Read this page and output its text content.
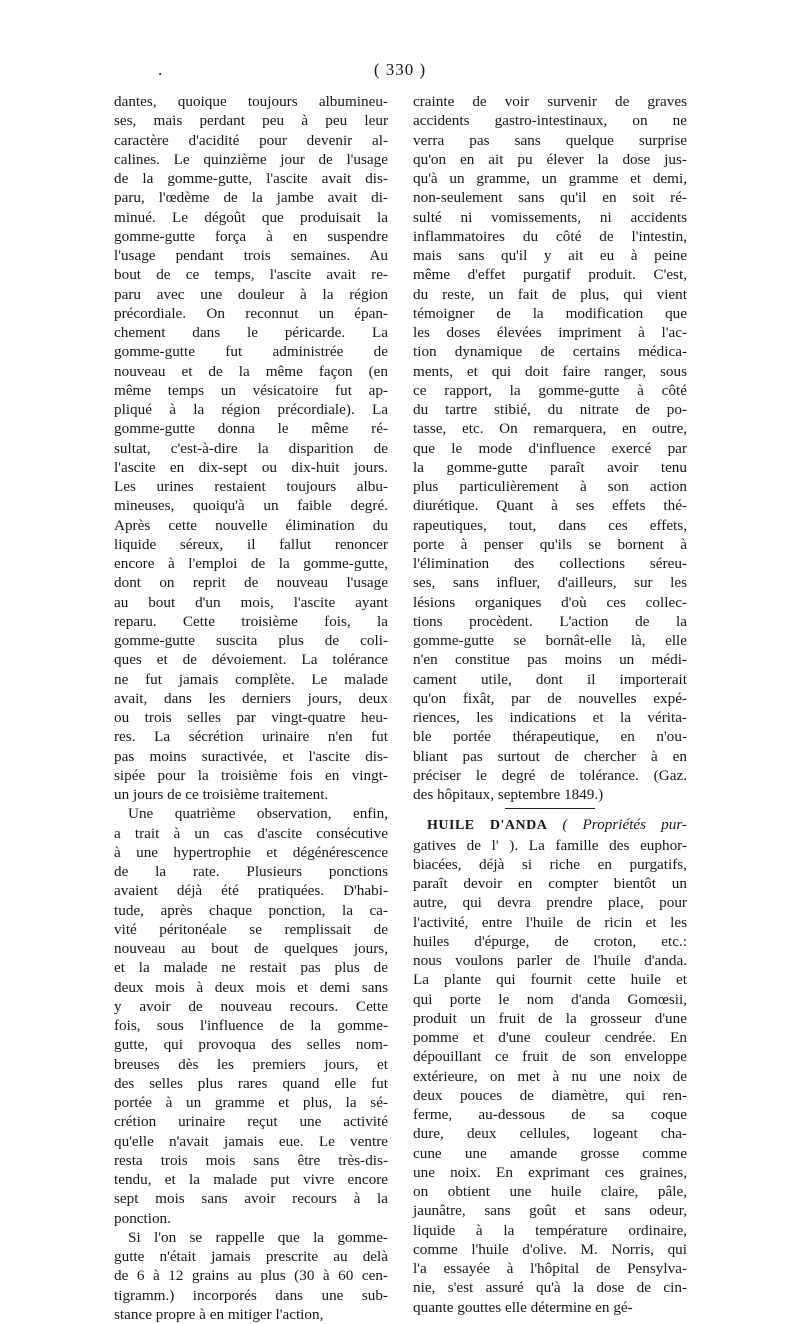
.	( 330 )
dantes, quoique toujours albumineu-
ses, mais perdant peu à peu leur
caractère d'acidité pour devenir al-
calines. Le quinzième jour de l'usage
de la gomme-gutte, l'ascite avait dis-
paru, l'œdème de la jambe avait di-
minué. Le dégoût que produisait la
gomme-gutte força à en suspendre
l'usage pendant trois semaines. Au
bout de ce temps, l'ascite avait re-
paru avec une douleur à la région
précordiale. On reconnut un épan-
chement dans le péricarde. La
gomme-gutte fut administrée de
nouveau et de la même façon (en
même temps un vésicatoire fut ap-
pliqué à la région précordiale). La
gomme-gutte donna le même ré-
sultat, c'est-à-dire la disparition de
l'ascite en dix-sept ou dix-huit jours.
Les urines restaient toujours albu-
mineuses, quoiqu'à un faible degré.
Après cette nouvelle élimination du
liquide séreux, il fallut renoncer
encore à l'emploi de la gomme-gutte,
dont on reprit de nouveau l'usage
au bout d'un mois, l'ascite ayant
reparu. Cette troisième fois, la
gomme-gutte suscita plus de coli-
ques et de dévoiement. La tolérance
ne fut jamais complète. Le malade
avait, dans les derniers jours, deux
ou trois selles par vingt-quatre heu-
res. La sécrétion urinaire n'en fut
pas moins suractivée, et l'ascite dis-
sipée pour la troisième fois en vingt-
un jours de ce troisième traitement.
Une quatrième observation, enfin,
a trait à un cas d'ascite consécutive
à une hypertrophie et dégénérescence
de la rate. Plusieurs ponctions
avaient déjà été pratiquées. D'habi-
tude, après chaque ponction, la ca-
vité péritonéale se remplissait de
nouveau au bout de quelques jours,
et la malade ne restait pas plus de
deux mois à deux mois et demi sans
y avoir de nouveau recours. Cette
fois, sous l'influence de la gomme-
gutte, qui provoqua des selles nom-
breuses dès les premiers jours, et
des selles plus rares quand elle fut
portée à un gramme et plus, la sé-
crétion urinaire reçut une activité
qu'elle n'avait jamais eue. Le ventre
resta trois mois sans être très-dis-
tendu, et la malade put vivre encore
sept mois sans avoir recours à la
ponction.
Si l'on se rappelle que la gomme-
gutte n'était jamais prescrite au delà
de 6 à 12 grains au plus (30 à 60 cen-
tigramm.) incorporés dans une sub-
stance propre à en mitiger l'action,
crainte de voir survenir de graves
accidents gastro-intestinaux, on ne
verra pas sans quelque surprise
qu'on en ait pu élever la dose jus-
qu'à un gramme, un gramme et demi,
non-seulement sans qu'il en soit ré-
sulté ni vomissements, ni accidents
inflammatoires du côté de l'intestin,
mais sans qu'il y ait eu à peine
même d'effet purgatif produit. C'est,
du reste, un fait de plus, qui vient
témoigner de la modification que
les doses élevées impriment à l'ac-
tion dynamique de certains médica-
ments, et qui doit faire ranger, sous
ce rapport, la gomme-gutte à côté
du tartre stibié, du nitrate de po-
tasse, etc. On remarquera, en outre,
que le mode d'influence exercé par
la gomme-gutte paraît avoir tenu
plus particulièrement à son action
diurétique. Quant à ses effets thé-
rapeutiques, tout, dans ces effets,
porte à penser qu'ils se bornent à
l'élimination des collections séreu-
ses, sans influer, d'ailleurs, sur les
lésions organiques d'où ces collec-
tions procèdent. L'action de la
gomme-gutte se bornât-elle là, elle
n'en constitue pas moins un médi-
cament utile, dont il importerait
qu'on fixât, par de nouvelles expé-
riences, les indications et la vérita-
ble portée thérapeutique, en n'ou-
bliant pas surtout de chercher à en
préciser le degré de tolérance. (Gaz.
des hôpitaux, septembre 1849.)
HUILE D'ANDA ( Propriétés pur-
gatives de l' ). La famille des euphor-
biacées, déjà si riche en purgatifs,
paraît devoir en compter bientôt un
autre, qui devra prendre place, pour
l'activité, entre l'huile de ricin et les
huiles d'épurge, de croton, etc.:
nous voulons parler de l'huile d'anda.
La plante qui fournit cette huile et
qui porte le nom d'anda Gomœsii,
produit un fruit de la grosseur d'une
pomme et d'une couleur cendrée. En
dépouillant ce fruit de son enveloppe
extérieure, on met à nu une noix de
deux pouces de diamètre, qui ren-
ferme, au-dessous de sa coque
dure, deux cellules, logeant cha-
cune une amande grosse comme
une noix. En exprimant ces graines,
on obtient une huile claire, pâle,
jaunâtre, sans goût et sans odeur,
liquide à la température ordinaire,
comme l'huile d'olive. M. Norris, qui
l'a essayée à l'hôpital de Pensylva-
nie, s'est assuré qu'à la dose de cin-
quante gouttes elle détermine en gé-
